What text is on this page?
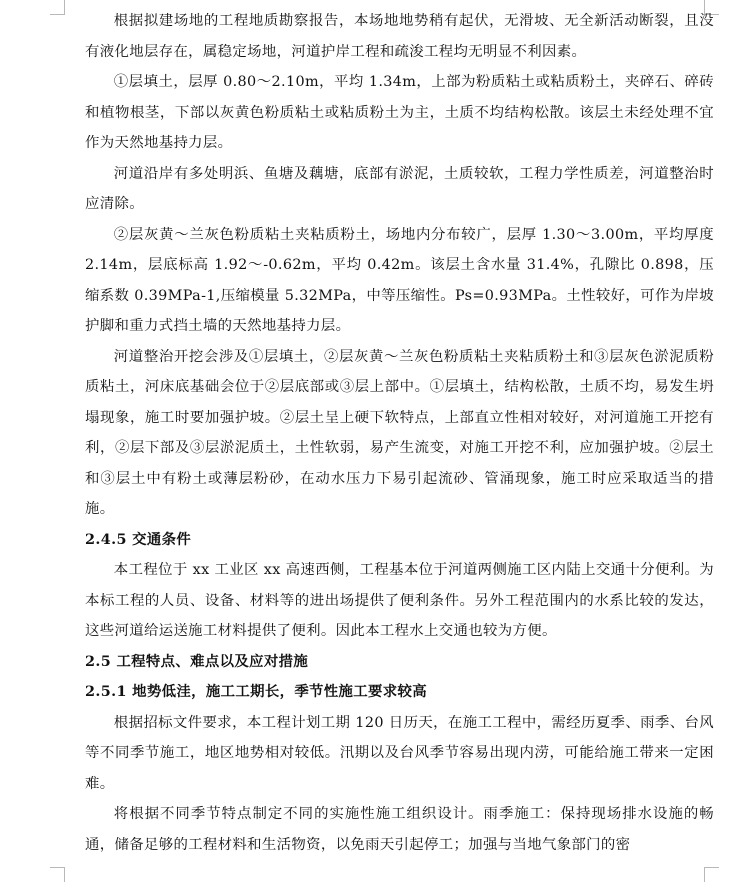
根据拟建场地的工程地质勘察报告，本场地地势稍有起伏，无滑坡、无全新活动断裂，且没有液化地层存在，属稳定场地，河道护岸工程和疏浚工程均无明显不利因素。

①层填土，层厚 0.80～2.10m，平均 1.34m，上部为粉质粘土或粘质粉土，夹碎石、碎砖和植物根茎，下部以灰黄色粉质粘土或粘质粉土为主，土质不均结构松散。该层土未经处理不宜作为天然地基持力层。

河道沿岸有多处明浜、鱼塘及藕塘，底部有淤泥，土质较软，工程力学性质差，河道整治时应清除。

②层灰黄～兰灰色粉质粘土夹粘质粉土，场地内分布较广，层厚 1.30～3.00m，平均厚度 2.14m，层底标高 1.92～-0.62m，平均 0.42m。该层土含水量 31.4%，孔隙比 0.898，压缩系数 0.39MPa-1,压缩模量 5.32MPa，中等压缩性。Ps=0.93MPa。土性较好，可作为岸坡护脚和重力式挡土墙的天然地基持力层。

河道整治开挖会涉及①层填土，②层灰黄～兰灰色粉质粘土夹粘质粉土和③层灰色淤泥质粉质粘土，河床底基础会位于②层底部或③层上部中。①层填土，结构松散，土质不均，易发生坍塌现象，施工时要加强护坡。②层土呈上硬下软特点，上部直立性相对较好，对河道施工开挖有利，②层下部及③层淤泥质土，土性软弱，易产生流变，对施工开挖不利，应加强护坡。②层土和③层土中有粉土或薄层粉砂，在动水压力下易引起流砂、管涌现象，施工时应采取适当的措施。

2.4.5 交通条件

本工程位于 xx 工业区 xx 高速西侧，工程基本位于河道两侧施工区内陆上交通十分便利。为本标工程的人员、设备、材料等的进出场提供了便利条件。另外工程范围内的水系比较的发达，这些河道给运送施工材料提供了便利。因此本工程水上交通也较为方便。

2.5 工程特点、难点以及应对措施
2.5.1 地势低洼，施工工期长，季节性施工要求较高

根据招标文件要求，本工程计划工期 120 日历天，在施工工程中，需经历夏季、雨季、台风等不同季节施工，地区地势相对较低。汛期以及台风季节容易出现内涝，可能给施工带来一定困难。

将根据不同季节特点制定不同的实施性施工组织设计。雨季施工：保持现场排水设施的畅通，储备足够的工程材料和生活物资，以免雨天引起停工；加强与当地气象部门的密
